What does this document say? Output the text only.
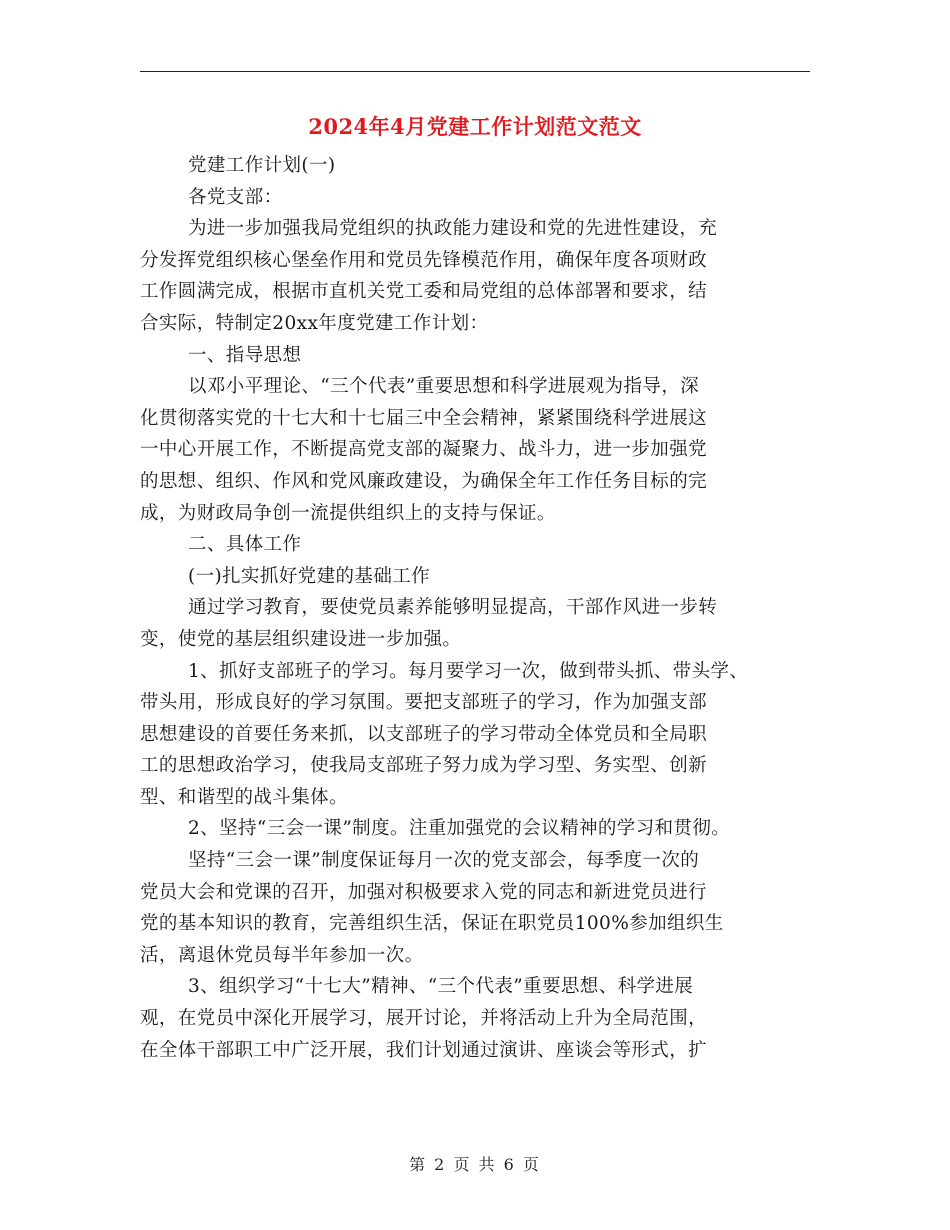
2024年4月党建工作计划范文范文
党建工作计划(一)
各党支部：
为进一步加强我局党组织的执政能力建设和党的先进性建设，充
分发挥党组织核心堡垒作用和党员先锋模范作用，确保年度各项财政
工作圆满完成，根据市直机关党工委和局党组的总体部署和要求，结
合实际，特制定20xx年度党建工作计划：
一、指导思想
以邓小平理论、“三个代表”重要思想和科学进展观为指导，深
化贯彻落实党的十七大和十七届三中全会精神，紧紧围绕科学进展这
一中心开展工作，不断提高党支部的凝聚力、战斗力，进一步加强党
的思想、组织、作风和党风廉政建设，为确保全年工作任务目标的完
成，为财政局争创一流提供组织上的支持与保证。
二、具体工作
(一)扎实抓好党建的基础工作
通过学习教育，要使党员素养能够明显提高，干部作风进一步转
变，使党的基层组织建设进一步加强。
1、抓好支部班子的学习。每月要学习一次，做到带头抓、带头学、
带头用，形成良好的学习氛围。要把支部班子的学习，作为加强支部
思想建设的首要任务来抓，以支部班子的学习带动全体党员和全局职
工的思想政治学习，使我局支部班子努力成为学习型、务实型、创新
型、和谐型的战斗集体。
2、坚持“三会一课”制度。注重加强党的会议精神的学习和贯彻。
坚持“三会一课”制度保证每月一次的党支部会，每季度一次的
党员大会和党课的召开，加强对积极要求入党的同志和新进党员进行
党的基本知识的教育，完善组织生活，保证在职党员100%参加组织生
活，离退休党员每半年参加一次。
3、组织学习“十七大”精神、“三个代表”重要思想、科学进展
观，在党员中深化开展学习，展开讨论，并将活动上升为全局范围，
在全体干部职工中广泛开展，我们计划通过演讲、座谈会等形式，扩
第 2 页 共 6 页
